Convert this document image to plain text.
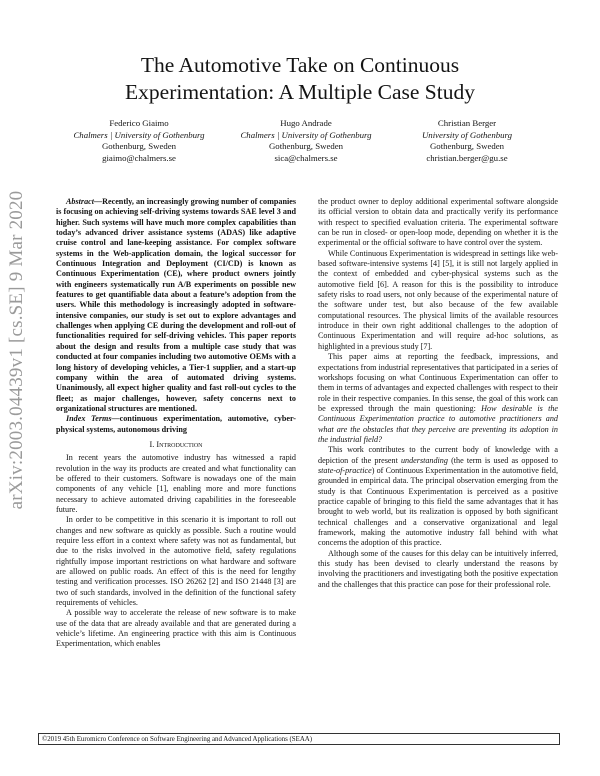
The Automotive Take on Continuous
Experimentation: A Multiple Case Study
Federico Giaimo
Chalmers | University of Gothenburg
Gothenburg, Sweden
giaimo@chalmers.se
Hugo Andrade
Chalmers | University of Gothenburg
Gothenburg, Sweden
sica@chalmers.se
Christian Berger
University of Gothenburg
Gothenburg, Sweden
christian.berger@gu.se
arXiv:2003.04439v1 [cs.SE] 9 Mar 2020	Abstract—Recently, an increasingly growing number of companies is focusing on achieving self-driving systems towards SAE level 3 and higher. Such systems will have much more complex capabilities than today’s advanced driver assistance systems (ADAS) like adaptive cruise control and lane-keeping assistance. For complex software systems in the Web-application domain, the logical successor for Continuous Integration and Deployment (CI/CD) is known as Continuous Experimentation (CE), where product owners jointly with engineers systematically run A/B experiments on possible new features to get quantifiable data about a feature’s adoption from the users. While this methodology is increasingly adopted in software-intensive companies, our study is set out to explore advantages and challenges when applying CE during the development and roll-out of functionalities required for self-driving vehicles. This paper reports about the design and results from a multiple case study that was conducted at four companies including two automotive OEMs with a long history of developing vehicles, a Tier-1 supplier, and a start-up company within the area of automated driving systems. Unanimously, all expect higher quality and fast roll-out cycles to the fleet; as major challenges, however, safety concerns next to organizational structures are mentioned.

Index Terms—continuous experimentation, automotive, cyber-physical systems, autonomous driving

I. Introduction

In recent years the automotive industry has witnessed a rapid revolution in the way its products are created and what functionality can be offered to their customers. Software is nowadays one of the main components of any vehicle [1], enabling more and more functions necessary to achieve automated driving capabilities in the foreseeable future.

In order to be competitive in this scenario it is important to roll out changes and new software as quickly as possible. Such a routine would require less effort in a context where safety was not as fundamental, but due to the risks involved in the automotive field, safety regulations rightfully impose important restrictions on what hardware and software are allowed on public roads. An effect of this is the need for lengthy testing and verification processes. ISO 26262 [2] and ISO 21448 [3] are two of such standards, involved in the definition of the functional safety requirements of vehicles.

A possible way to accelerate the release of new software is to make use of the data that are already available and that are generated during a vehicle’s lifetime. An engineering practice with this aim is Continuous Experimentation, which enables

the product owner to deploy additional experimental software alongside its official version to obtain data and practically verify its performance with respect to specified evaluation criteria. The experimental software can be run in closed- or open-loop mode, depending on whether it is the experimental or the official software to have control over the system.

While Continuous Experimentation is widespread in settings like web-based software-intensive systems [4] [5], it is still not largely applied in the context of embedded and cyber-physical systems such as the automotive field [6]. A reason for this is the possibility to introduce safety risks to road users, not only because of the experimental nature of the software under test, but also because of the few available computational resources. The physical limits of the available resources introduce in their own right additional challenges to the adoption of Continuous Experimentation and will require ad-hoc solutions, as highlighted in a previous study [7].

This paper aims at reporting the feedback, impressions, and expectations from industrial representatives that participated in a series of workshops focusing on what Continuous Experimentation can offer to them in terms of advantages and expected challenges with respect to their role in their respective companies. In this sense, the goal of this work can be expressed through the main questioning: How desirable is the Continuous Experimentation practice to automotive practitioners and what are the obstacles that they perceive are preventing its adoption in the industrial field?

This work contributes to the current body of knowledge with a depiction of the present understanding (the term is used as opposed to state-of-practice) of Continuous Experimentation in the automotive field, grounded in empirical data. The principal observation emerging from the study is that Continuous Experimentation is perceived as a positive practice capable of bringing to this field the same advantages that it has brought to web world, but its realization is opposed by both significant technical challenges and a conservative organizational and legal framework, making the automotive industry fall behind with what concerns the adoption of this practice.

Although some of the causes for this delay can be intuitively inferred, this study has been devised to clearly understand the reasons by involving the practitioners and investigating both the positive expectation and the challenges that this practice can pose for their professional role.

©2019 45th Euromicro Conference on Software Engineering and Advanced Applications (SEAA)
